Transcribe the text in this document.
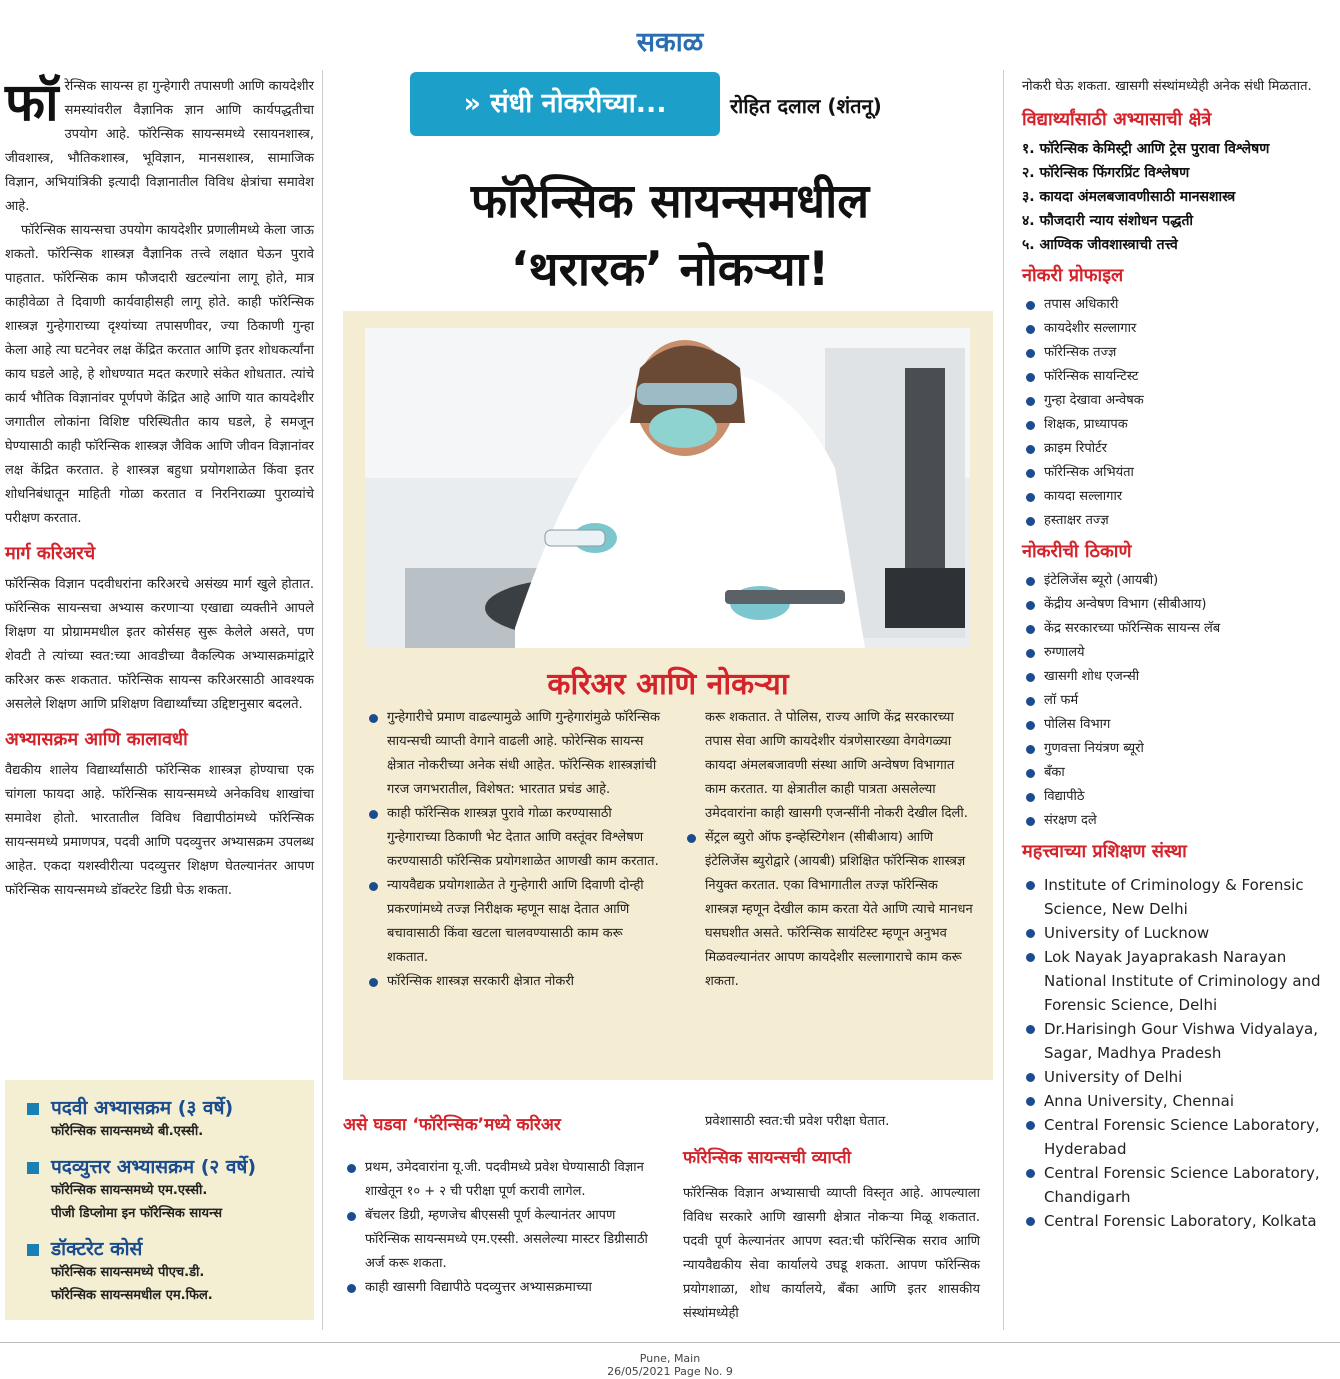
सकाळ
फॉरेन्सिक सायन्स हा गुन्हेगारी तपासणी आणि कायदेशीर समस्यांवरील वैज्ञानिक ज्ञान आणि कार्यपद्धतीचा उपयोग आहे. फॉरेन्सिक सायन्समध्ये रसायनशास्त्र, जीवशास्त्र, भौतिकशास्त्र, भूविज्ञान, मानसशास्त्र, सामाजिक विज्ञान, अभियांत्रिकी इत्यादी विज्ञानातील विविध क्षेत्रांचा समावेश आहे.
फॉरेन्सिक सायन्सचा उपयोग कायदेशीर प्रणालीमध्ये केला जाऊ शकतो. फॉरेन्सिक शास्त्रज्ञ वैज्ञानिक तत्त्वे लक्षात घेऊन पुरावे पाहतात. फॉरेन्सिक काम फौजदारी खटल्यांना लागू होते, मात्र काहीवेळा ते दिवाणी कार्यवाहीसही लागू होते. काही फॉरेन्सिक शास्त्रज्ञ गुन्हेगाराच्या दृश्यांच्या तपासणीवर, ज्या ठिकाणी गुन्हा केला आहे त्या घटनेवर लक्ष केंद्रित करतात आणि इतर शोधकर्त्यांना काय घडले आहे, हे शोधण्यात मदत करणारे संकेत शोधतात. त्यांचे कार्य भौतिक विज्ञानांवर पूर्णपणे केंद्रित आहे आणि यात कायदेशीर जगातील लोकांना विशिष्ट परिस्थितीत काय घडले, हे समजून घेण्यासाठी काही फॉरेन्सिक शास्त्रज्ञ जैविक आणि जीवन विज्ञानांवर लक्ष केंद्रित करतात. हे शास्त्रज्ञ बहुधा प्रयोगशाळेत किंवा इतर शोधनिबंधातून माहिती गोळा करतात व निरनिराळ्या पुराव्यांचे परीक्षण करतात.
मार्ग करिअरचे
फॉरेन्सिक विज्ञान पदवीधरांना करिअरचे असंख्य मार्ग खुले होतात. फॉरेन्सिक सायन्सचा अभ्यास करणाऱ्या एखाद्या व्यक्तीने आपले शिक्षण या प्रोग्राममधील इतर कोर्ससह सुरू केलेले असते, पण शेवटी ते त्यांच्या स्वत:च्या आवडीच्या वैकल्पिक अभ्यासक्रमांद्वारे करिअर करू शकतात. फॉरेन्सिक सायन्स करिअरसाठी आवश्यक असलेले शिक्षण आणि प्रशिक्षण विद्यार्थ्यांच्या उद्दिष्टानुसार बदलते.
अभ्यासक्रम आणि कालावधी
वैद्यकीय शालेय विद्यार्थ्यांसाठी फॉरेन्सिक शास्त्रज्ञ होण्याचा एक चांगला फायदा आहे. फॉरेन्सिक सायन्समध्ये अनेकविध शाखांचा समावेश होतो. भारतातील विविध विद्यापीठांमध्ये फॉरेन्सिक सायन्समध्ये प्रमाणपत्र, पदवी आणि पदव्युत्तर अभ्यासक्रम उपलब्ध आहेत. एकदा यशस्वीरीत्या पदव्युत्तर शिक्षण घेतल्यानंतर आपण फॉरेन्सिक सायन्समध्ये डॉक्टरेट डिग्री घेऊ शकता.
पदवी अभ्यासक्रम (३ वर्षे)
फॉरेन्सिक सायन्समध्ये बी.एस्सी.
पदव्युत्तर अभ्यासक्रम (२ वर्षे)
फॉरेन्सिक सायन्समध्ये एम.एस्सी.
पीजी डिप्लोमा इन फॉरेन्सिक सायन्स
डॉक्टरेट कोर्स
फॉरेन्सिक सायन्समध्ये पीएच.डी.
फॉरेन्सिक सायन्समधील एम.फिल.
» संधी नोकरीच्या...	रोहित दलाल (शंतनू)
फॉरेन्सिक सायन्समधील
‘थरारक’ नोकऱ्या!
करिअर आणि नोकऱ्या
गुन्हेगारीचे प्रमाण वाढल्यामुळे आणि गुन्हेगारांमुळे फॉरेन्सिक सायन्सची व्याप्ती वेगाने वाढली आहे. फोरेन्सिक सायन्स क्षेत्रात नोकरीच्या अनेक संधी आहेत. फॉरेन्सिक शास्त्रज्ञांची गरज जगभरातील, विशेषत: भारतात प्रचंड आहे.
काही फॉरेन्सिक शास्त्रज्ञ पुरावे गोळा करण्यासाठी गुन्हेगाराच्या ठिकाणी भेट देतात आणि वस्तूंवर विश्लेषण करण्यासाठी फॉरेन्सिक प्रयोगशाळेत आणखी काम करतात.
न्यायवैद्यक प्रयोगशाळेत ते गुन्हेगारी आणि दिवाणी दोन्ही प्रकरणांमध्ये तज्ज्ञ निरीक्षक म्हणून साक्ष देतात आणि बचावासाठी किंवा खटला चालवण्यासाठी काम करू शकतात.
फॉरेन्सिक शास्त्रज्ञ सरकारी क्षेत्रात नोकरी
करू शकतात. ते पोलिस, राज्य आणि केंद्र सरकारच्या तपास सेवा आणि कायदेशीर यंत्रणेसारख्या वेगवेगळ्या कायदा अंमलबजावणी संस्था आणि अन्वेषण विभागात काम करतात. या क्षेत्रातील काही पात्रता असलेल्या उमेदवारांना काही खासगी एजन्सींनी नोकरी देखील दिली.
सेंट्रल ब्युरो ऑफ इन्व्हेस्टिगेशन (सीबीआय) आणि इंटेलिजेंस ब्युरोद्वारे (आयबी) प्रशिक्षित फॉरेन्सिक शास्त्रज्ञ नियुक्त करतात. एका विभागातील तज्ज्ञ फॉरेन्सिक शास्त्रज्ञ म्हणून देखील काम करता येते आणि त्याचे मानधन घसघशीत असते. फॉरेन्सिक सायंटिस्ट म्हणून अनुभव मिळवल्यानंतर आपण कायदेशीर सल्लागाराचे काम करू शकता.
असे घडवा ‘फॉरेन्सिक’मध्ये करिअर
प्रथम, उमेदवारांना यू.जी. पदवीमध्ये प्रवेश घेण्यासाठी विज्ञान शाखेतून १० + २ ची परीक्षा पूर्ण करावी लागेल.
बॅचलर डिग्री, म्हणजेच बीएससी पूर्ण केल्यानंतर आपण फॉरेन्सिक सायन्समध्ये एम.एस्सी. असलेल्या मास्टर डिग्रीसाठी अर्ज करू शकता.
काही खासगी विद्यापीठे पदव्युत्तर अभ्यासक्रमाच्या
प्रवेशासाठी स्वत:ची प्रवेश परीक्षा घेतात.
फॉरेन्सिक सायन्सची व्याप्ती
फॉरेन्सिक विज्ञान अभ्यासाची व्याप्ती विस्तृत आहे. आपल्याला विविध सरकारे आणि खासगी क्षेत्रात नोकऱ्या मिळू शकतात. पदवी पूर्ण केल्यानंतर आपण स्वत:ची फॉरेन्सिक सराव आणि न्यायवैद्यकीय सेवा कार्यालये उघडू शकता. आपण फॉरेन्सिक प्रयोगशाळा, शोध कार्यालये, बँका आणि इतर शासकीय संस्थांमध्येही
नोकरी घेऊ शकता. खासगी संस्थांमध्येही अनेक संधी मिळतात.
विद्यार्थ्यांसाठी अभ्यासाची क्षेत्रे
१. फॉरेन्सिक केमिस्ट्री आणि ट्रेस पुरावा विश्लेषण
२. फॉरेन्सिक फिंगरप्रिंट विश्लेषण
३. कायदा अंमलबजावणीसाठी मानसशास्त्र
४. फौजदारी न्याय संशोधन पद्धती
५. आण्विक जीवशास्त्राची तत्त्वे
नोकरी प्रोफाइल
तपास अधिकारी
कायदेशीर सल्लागार
फॉरेन्सिक तज्ज्ञ
फॉरेन्सिक सायन्टिस्ट
गुन्हा देखावा अन्वेषक
शिक्षक, प्राध्यापक
क्राइम रिपोर्टर
फॉरेन्सिक अभियंता
कायदा सल्लागार
हस्ताक्षर तज्ज्ञ
नोकरीची ठिकाणे
इंटेलिजेंस ब्यूरो (आयबी)
केंद्रीय अन्वेषण विभाग (सीबीआय)
केंद्र सरकारच्या फॉरेन्सिक सायन्स लॅब
रुग्णालये
खासगी शोध एजन्सी
लॉ फर्म
पोलिस विभाग
गुणवत्ता नियंत्रण ब्यूरो
बँका
विद्यापीठे
संरक्षण दले
महत्त्वाच्या प्रशिक्षण संस्था
Institute of Criminology & Forensic Science, New Delhi
University of Lucknow
Lok Nayak Jayaprakash Narayan National Institute of Criminology and Forensic Science, Delhi
Dr.Harisingh Gour Vishwa Vidyalaya, Sagar, Madhya Pradesh
University of Delhi
Anna University, Chennai
Central Forensic Science Laboratory, Hyderabad
Central Forensic Science Laboratory, Chandigarh
Central Forensic Laboratory, Kolkata
Pune, Main
26/05/2021 Page No. 9
